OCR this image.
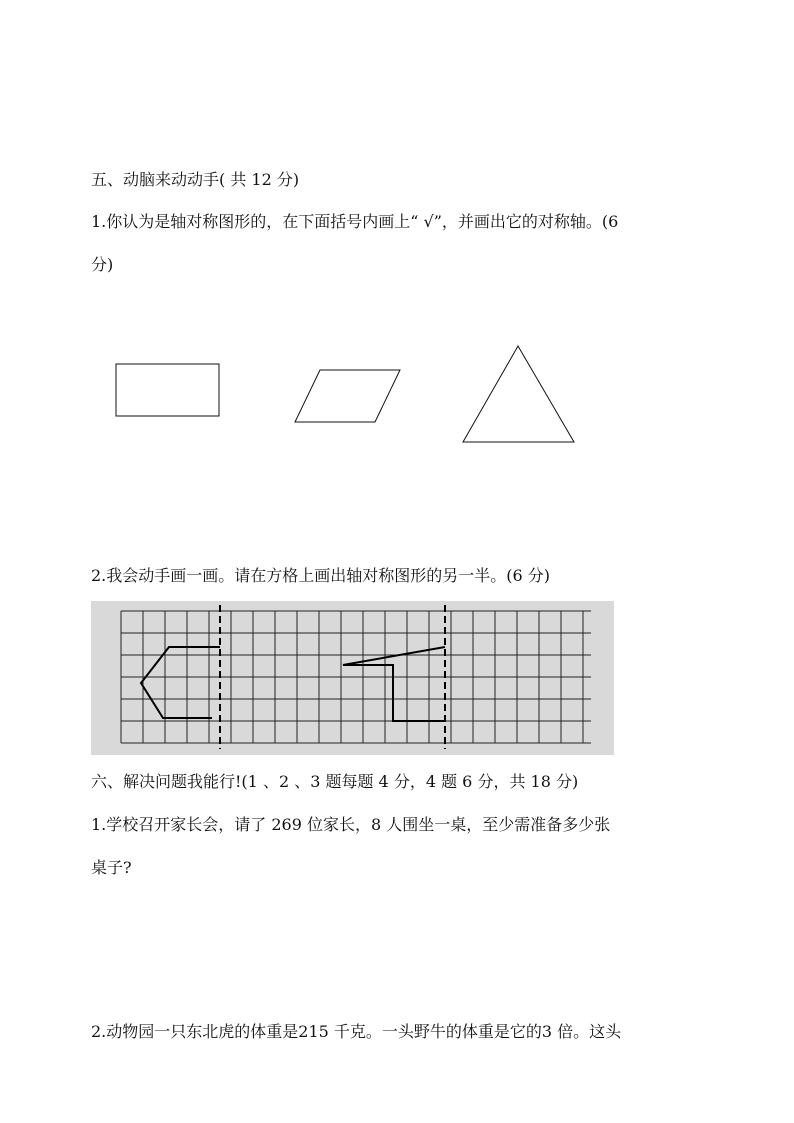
五、动脑来动动手( 共 12 分)

1.你认为是轴对称图形的，在下面括号内画上“ √”，并画出它的对称轴。(6

分)

2.我会动手画一画。请在方格上画出轴对称图形的另一半。(6 分)

六、解决问题我能行!(1 、2 、3 题每题 4 分，4 题 6 分，共 18 分)

1.学校召开家长会，请了 269 位家长，8 人围坐一桌，至少需准备多少张

桌子?

2.动物园一只东北虎的体重是215 千克。一头野牛的体重是它的3 倍。这头
